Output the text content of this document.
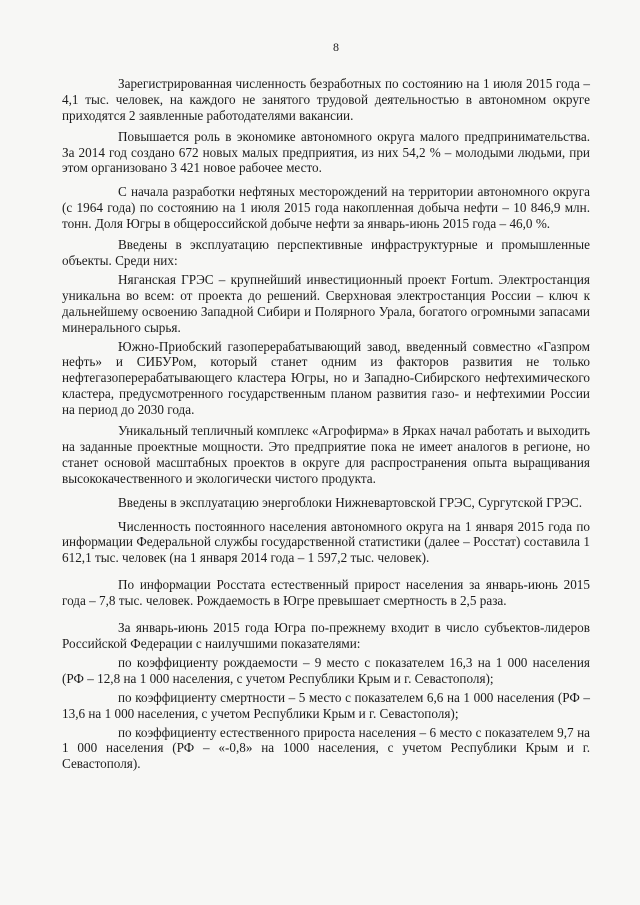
8

Зарегистрированная численность безработных по состоянию на 1 июля 2015 года – 4,1 тыс. человек, на каждого не занятого трудовой деятельностью в автономном округе приходятся 2 заявленные работодателями вакансии.

Повышается роль в экономике автономного округа малого предпринимательства. За 2014 год создано 672 новых малых предприятия, из них 54,2 % – молодыми людьми, при этом организовано 3 421 новое рабочее место.

С начала разработки нефтяных месторождений на территории автономного округа (с 1964 года) по состоянию на 1 июля 2015 года накопленная добыча нефти – 10 846,9 млн. тонн. Доля Югры в общероссийской добыче нефти за январь-июнь 2015 года – 46,0 %.

Введены в эксплуатацию перспективные инфраструктурные и промышленные объекты. Среди них:

Няганская ГРЭС – крупнейший инвестиционный проект Fortum. Электростанция уникальна во всем: от проекта до решений. Сверхновая электростанция России – ключ к дальнейшему освоению Западной Сибири и Полярного Урала, богатого огромными запасами минерального сырья.

Южно-Приобский газоперерабатывающий завод, введенный совместно «Газпром нефть» и СИБУРом, который станет одним из факторов развития не только нефтегазоперерабатывающего кластера Югры, но и Западно-Сибирского нефтехимического кластера, предусмотренного государственным планом развития газо- и нефтехимии России на период до 2030 года.

Уникальный тепличный комплекс «Агрофирма» в Ярках начал работать и выходить на заданные проектные мощности. Это предприятие пока не имеет аналогов в регионе, но станет основой масштабных проектов в округе для распространения опыта выращивания высококачественного и экологически чистого продукта.

Введены в эксплуатацию энергоблоки Нижневартовской ГРЭС, Сургутской ГРЭС.

Численность постоянного населения автономного округа на 1 января 2015 года по информации Федеральной службы государственной статистики (далее – Росстат) составила 1 612,1 тыс. человек (на 1 января 2014 года – 1 597,2 тыс. человек).

По информации Росстата естественный прирост населения за январь-июнь 2015 года – 7,8 тыс. человек. Рождаемость в Югре превышает смертность в 2,5 раза.

За январь-июнь 2015 года Югра по-прежнему входит в число субъектов-лидеров Российской Федерации с наилучшими показателями:

по коэффициенту рождаемости – 9 место с показателем 16,3 на 1 000 населения (РФ – 12,8 на 1 000 населения, с учетом Республики Крым и г. Севастополя);

по коэффициенту смертности – 5 место с показателем 6,6 на 1 000 населения (РФ – 13,6 на 1 000 населения, с учетом Республики Крым и г. Севастополя);

по коэффициенту естественного прироста населения – 6 место с показателем 9,7 на 1 000 населения (РФ – «-0,8» на 1000 населения, с учетом Республики Крым и г. Севастополя).
